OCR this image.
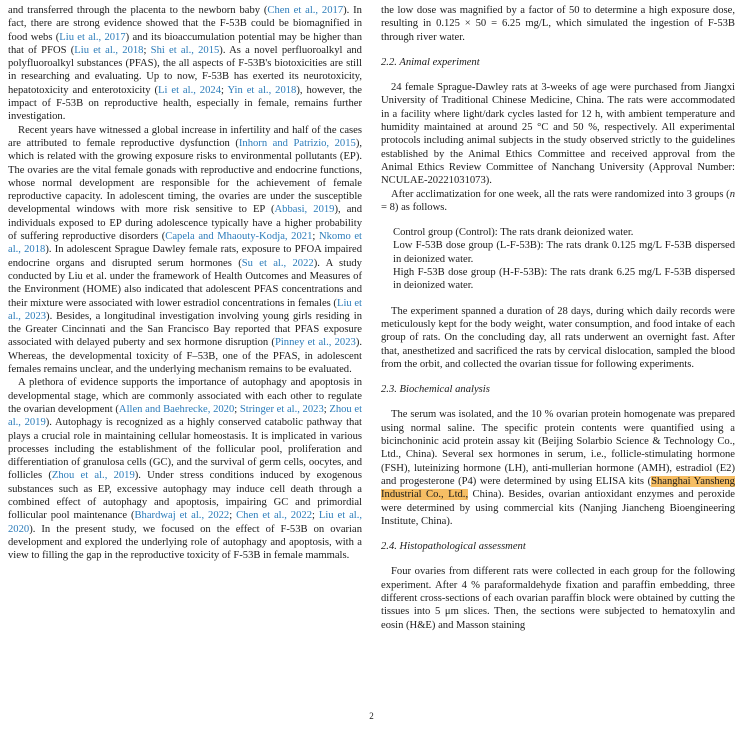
and transferred through the placenta to the newborn baby (Chen et al., 2017). In fact, there are strong evidence showed that the F-53B could be biomagnified in food webs (Liu et al., 2017) and its bioaccumulation potential may be higher than that of PFOS (Liu et al., 2018; Shi et al., 2015). As a novel perfluoroalkyl and polyfluoroalkyl substances (PFAS), the all aspects of F-53B's biotoxicities are still in researching and evaluating. Up to now, F-53B has exerted its neurotoxicity, hepatotoxicity and enterotoxicity (Li et al., 2024; Yin et al., 2018), however, the impact of F-53B on reproductive health, especially in female, remains further investigation.

Recent years have witnessed a global increase in infertility and half of the cases are attributed to female reproductive dysfunction (Inhorn and Patrizio, 2015), which is related with the growing exposure risks to environmental pollutants (EP). The ovaries are the vital female gonads with reproductive and endocrine functions, whose normal development are responsible for the achievement of female reproductive capacity. In adolescent timing, the ovaries are under the susceptible developmental windows with more risk sensitive to EP (Abbasi, 2019), and individuals exposed to EP during adolescence typically have a higher probability of suffering reproductive disorders (Capela and Mhaouty-Kodja, 2021; Nkomo et al., 2018). In adolescent Sprague Dawley female rats, exposure to PFOA impaired endocrine organs and disrupted serum hormones (Su et al., 2022). A study conducted by Liu et al. under the framework of Health Outcomes and Measures of the Environment (HOME) also indicated that adolescent PFAS concentrations and their mixture were associated with lower estradiol concentrations in females (Liu et al., 2023). Besides, a longitudinal investigation involving young girls residing in the Greater Cincinnati and the San Francisco Bay reported that PFAS exposure associated with delayed puberty and sex hormone disruption (Pinney et al., 2023). Whereas, the developmental toxicity of F–53B, one of the PFAS, in adolescent females remains unclear, and the underlying mechanism remains to be evaluated.

A plethora of evidence supports the importance of autophagy and apoptosis in developmental stage, which are commonly associated with each other to regulate the ovarian development (Allen and Baehrecke, 2020; Stringer et al., 2023; Zhou et al., 2019). Autophagy is recognized as a highly conserved catabolic pathway that plays a crucial role in maintaining cellular homeostasis. It is implicated in various processes including the establishment of the follicular pool, proliferation and differentiation of granulosa cells (GC), and the survival of germ cells, oocytes, and follicles (Zhou et al., 2019). Under stress conditions induced by exogenous substances such as EP, excessive autophagy may induce cell death through a combined effect of autophagy and apoptosis, impairing GC and primordial follicular pool maintenance (Bhardwaj et al., 2022; Chen et al., 2022; Liu et al., 2020). In the present study, we focused on the effect of F-53B on ovarian development and explored the underlying role of autophagy and apoptosis, with a view to filling the gap in the reproductive toxicity of F-53B in female mammals.

the low dose was magnified by a factor of 50 to determine a high exposure dose, resulting in 0.125 × 50 = 6.25 mg/L, which simulated the ingestion of F-53B through river water.

2.2. Animal experiment

24 female Sprague-Dawley rats at 3-weeks of age were purchased from Jiangxi University of Traditional Chinese Medicine, China. The rats were accommodated in a facility where light/dark cycles lasted for 12 h, with ambient temperature and humidity maintained at around 25 °C and 50 %, respectively. All experimental protocols including animal subjects in the study observed strictly to the guidelines established by the Animal Ethics Committee and received approval from the Animal Ethics Review Committee of Nanchang University (Approval Number: NCULAE-20221031073).

After acclimatization for one week, all the rats were randomized into 3 groups (n = 8) as follows.

Control group (Control): The rats drank deionized water.

Low F-53B dose group (L-F-53B): The rats drank 0.125 mg/L F-53B dispersed in deionized water.

High F-53B dose group (H-F-53B): The rats drank 6.25 mg/L F-53B dispersed in deionized water.

The experiment spanned a duration of 28 days, during which daily records were meticulously kept for the body weight, water consumption, and food intake of each group of rats. On the concluding day, all rats underwent an overnight fast. After that, anesthetized and sacrificed the rats by cervical dislocation, sampled the blood from the orbit, and collected the ovarian tissue for following experiments.

2.3. Biochemical analysis

The serum was isolated, and the 10 % ovarian protein homogenate was prepared using normal saline. The specific protein contents were quantified using a bicinchoninic acid protein assay kit (Beijing Solarbio Science & Technology Co., Ltd., China). Several sex hormones in serum, i.e., follicle-stimulating hormone (FSH), luteinizing hormone (LH), anti-mullerian hormone (AMH), estradiol (E2) and progesterone (P4) were determined by using ELISA kits (Shanghai Yansheng Industrial Co., Ltd., China). Besides, ovarian antioxidant enzymes and peroxide were determined by using commercial kits (Nanjing Jiancheng Bioengineering Institute, China).

2.4. Histopathological assessment

Four ovaries from different rats were collected in each group for the following experiment. After 4 % paraformaldehyde fixation and paraffin embedding, three different cross-sections of each ovarian paraffin block were obtained by cutting the tissues into 5 μm slices. Then, the sections were subjected to hematoxylin and eosin (H&E) and Masson staining

2
